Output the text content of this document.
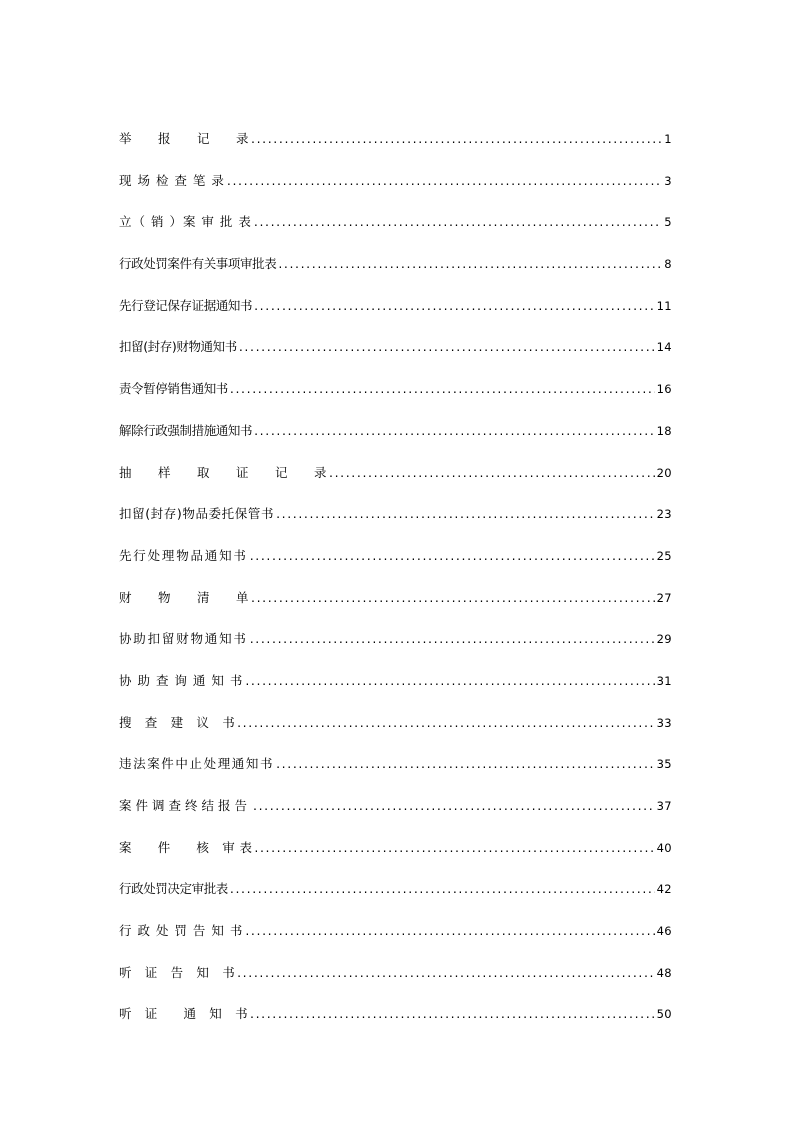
举　　报　　记　　录 .....	1
现 场 检 查 笔 录 .....	3
立（ 销 ）案 审 批 表 .....	5
行政处罚案件有关事项审批表 .....	8
先行登记保存证据通知书 .....	11
扣留(封存)财物通知书 .....	14
责令暂停销售通知书 .....	16
解除行政强制措施通知书 .....	18
抽　　样　　取　　证　　记　　录 .....	20
扣留(封存)物品委托保管书 .....	23
先行处理物品通知书 .....	25
财　　物　　清　　单 .....	27
协助扣留财物通知书 .....	29
协 助 查 询 通 知 书 .....	31
搜　查　建　议　书 .....	33
违法案件中止处理通知书 .....	35
案件调查终结报告 .....	37
案　　件　　核　审 表 .....	40
行政处罚决定审批表 .....	42
行 政 处 罚 告 知 书 .....	46
听　证　告　知　书 .....	48
听　证　　通　知　书 .....	50
